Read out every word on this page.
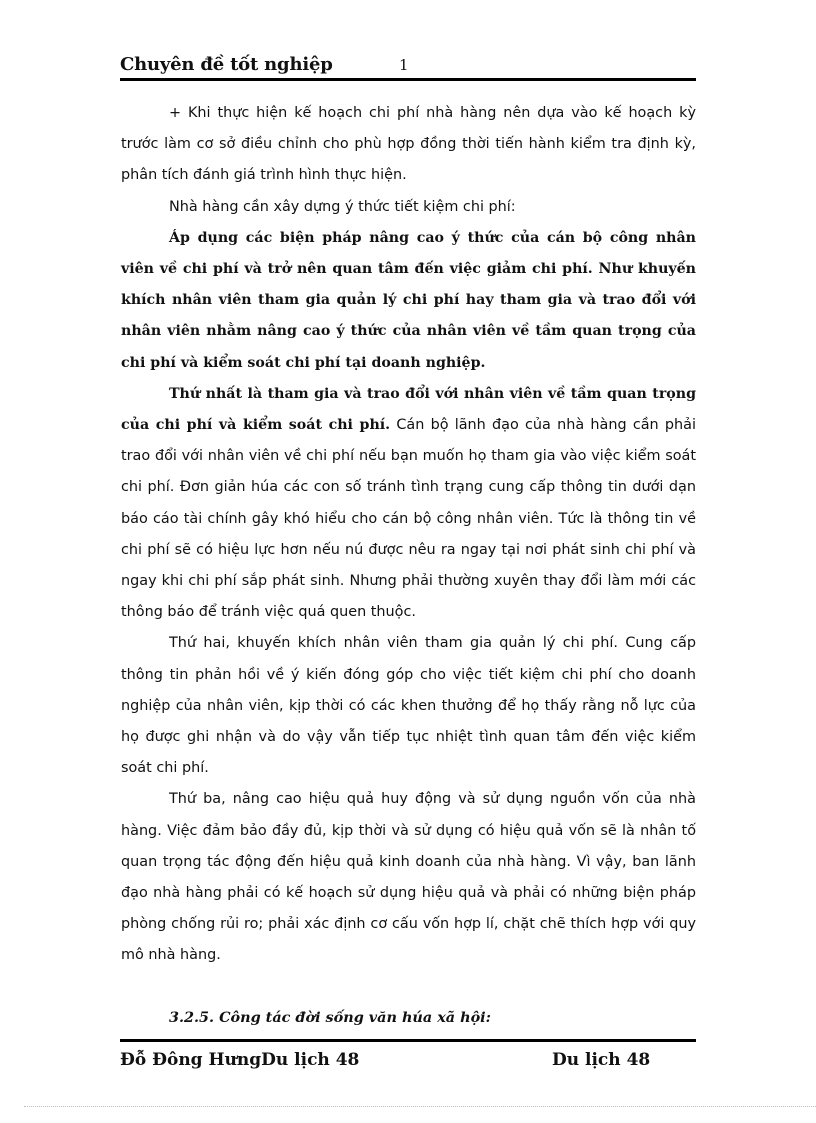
Chuyên đề tốt nghiệp	1

+ Khi thực hiện kế hoạch chi phí nhà hàng nên dựa vào kế hoạch kỳ trước làm cơ sở điều chỉnh cho phù hợp đồng thời tiến hành kiểm tra định kỳ, phân tích đánh giá trình hình thực hiện.

Nhà hàng cần xây dựng ý thức tiết kiệm chi phí:

Áp dụng các biện pháp nâng cao ý thức của cán bộ công nhân viên về chi phí và trở nên quan tâm đến việc giảm chi phí. Như khuyến khích nhân viên tham gia quản lý chi phí hay tham gia và trao đổi với nhân viên nhằm nâng cao ý thức của nhân viên về tầm quan trọng của chi phí và kiểm soát chi phí tại doanh nghiệp.

Thứ nhất là tham gia và trao đổi với nhân viên về tầm quan trọng của chi phí và kiểm soát chi phí. Cán bộ lãnh đạo của nhà hàng cần phải trao đổi với nhân viên về chi phí nếu bạn muốn họ tham gia vào việc kiểm soát chi phí. Đơn giản húa các con số tránh tình trạng cung cấp thông tin dưới dạn báo cáo tài chính gây khó hiểu cho cán bộ công nhân viên. Tức là thông tin về chi phí sẽ có hiệu lực hơn nếu nú được nêu ra ngay tại nơi phát sinh chi phí và ngay khi chi phí sắp phát sinh. Nhưng phải thường xuyên thay đổi làm mới các thông báo để tránh việc quá quen thuộc.

Thứ hai, khuyến khích nhân viên tham gia quản lý chi phí. Cung cấp thông tin phản hồi về ý kiến đóng góp cho việc tiết kiệm chi phí cho doanh nghiệp của nhân viên, kịp thời có các khen thưởng để họ thấy rằng nỗ lực của họ được ghi nhận và do vậy vẫn tiếp tục nhiệt tình quan tâm đến việc kiểm soát chi phí.

Thứ ba, nâng cao hiệu quả huy động và sử dụng nguồn vốn của nhà hàng. Việc đảm bảo đầy đủ, kịp thời và sử dụng có hiệu quả vốn sẽ là nhân tố quan trọng tác động đến hiệu quả kinh doanh của nhà hàng. Vì vậy, ban lãnh đạo nhà hàng phải có kế hoạch sử dụng hiệu quả và phải có những biện pháp phòng chống rủi ro; phải xác định cơ cấu vốn hợp lí, chặt chẽ thích hợp với quy mô nhà hàng.

3.2.5. Công tác đời sống văn húa xã hội:

Đỗ Đông HưngDu lịch 48	Du lịch 48
